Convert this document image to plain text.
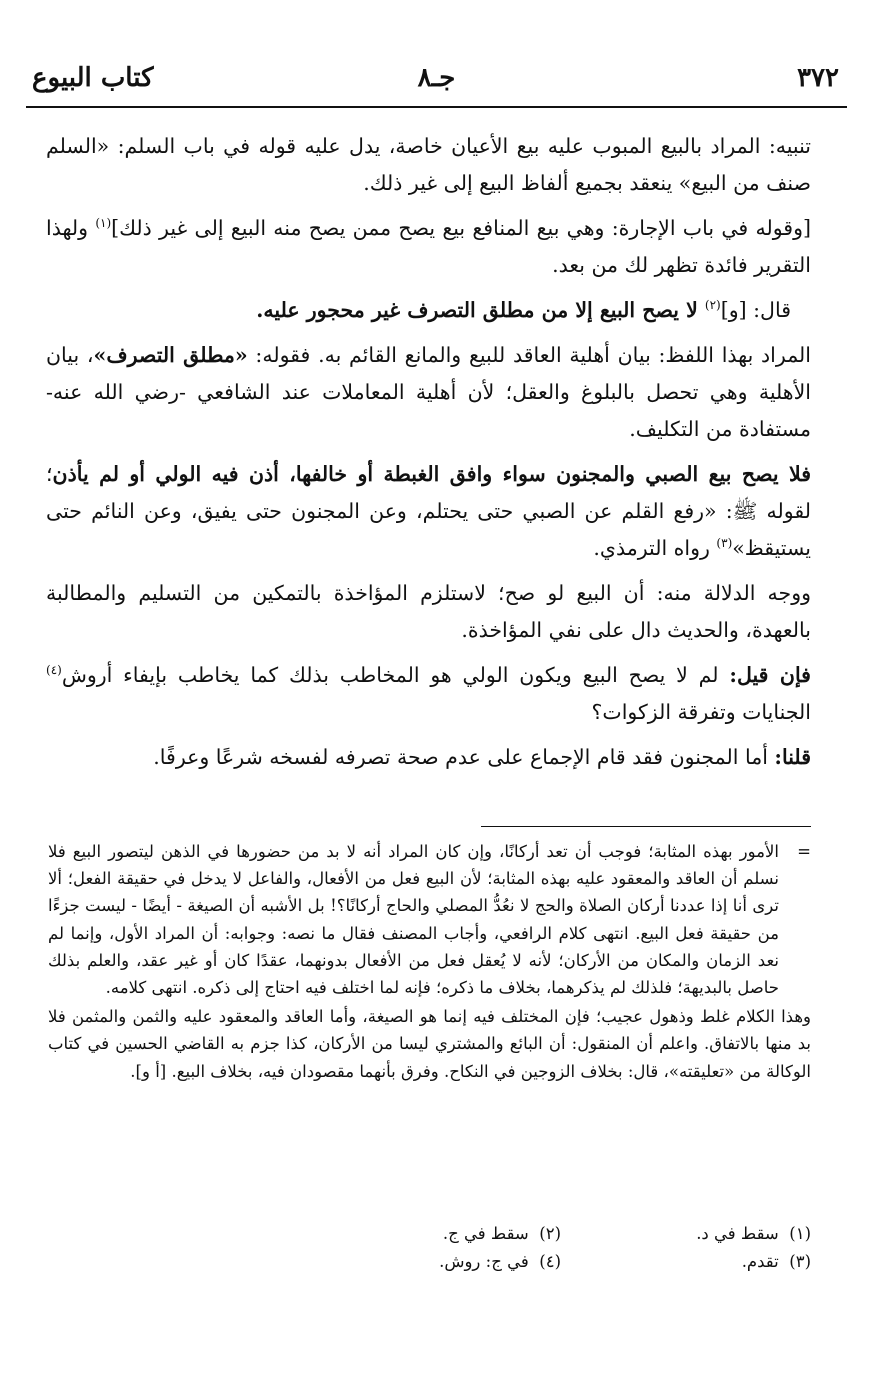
٣٧٢
جـ٨
كتاب البيوع

تنبيه: المراد بالبيع المبوب عليه بيع الأعيان خاصة، يدل عليه قوله في باب السلم: «السلم صنف من البيع» ينعقد بجميع ألفاظ البيع إلى غير ذلك.

[وقوله في باب الإجارة: وهي بيع المنافع بيع يصح ممن يصح منه البيع إلى غير ذلك]$^{(١)}$ ولهذا التقرير فائدة تظهر لك من بعد.

قال: [و]$^{(٢)}$ لا يصح البيع إلا من مطلق التصرف غير محجور عليه.

المراد بهذا اللفظ: بيان أهلية العاقد للبيع والمانع القائم به. فقوله: «مطلق التصرف»، بيان الأهلية وهي تحصل بالبلوغ والعقل؛ لأن أهلية المعاملات عند الشافعي -رضي الله عنه- مستفادة من التكليف.

فلا يصح بيع الصبي والمجنون سواء وافق الغبطة أو خالفها، أذن فيه الولي أو لم يأذن؛ لقوله ﷺ: «رفع القلم عن الصبي حتى يحتلم، وعن المجنون حتى يفيق، وعن النائم حتى يستيقظ»$^{(٣)}$ رواه الترمذي.

ووجه الدلالة منه: أن البيع لو صح؛ لاستلزم المؤاخذة بالتمكين من التسليم والمطالبة بالعهدة، والحديث دال على نفي المؤاخذة.

فإن قيل: لم لا يصح البيع ويكون الولي هو المخاطب بذلك كما يخاطب بإيفاء أروش$^{(٤)}$ الجنايات وتفرقة الزكوات؟

قلنا: أما المجنون فقد قام الإجماع على عدم صحة تصرفه لفسخه شرعًا وعرفًا.

=
الأمور بهذه المثابة؛ فوجب أن تعد أركانًا، وإن كان المراد أنه لا بد من حضورها في الذهن ليتصور البيع فلا نسلم أن العاقد والمعقود عليه بهذه المثابة؛ لأن البيع فعل من الأفعال، والفاعل لا يدخل في حقيقة الفعل؛ ألا ترى أنا إذا عددنا أركان الصلاة والحج لا نعُدُّ المصلي والحاج أركانًا؟! بل الأشبه أن الصيغة - أيضًا - ليست جزءًا من حقيقة فعل البيع. انتهى كلام الرافعي، وأجاب المصنف فقال ما نصه: وجوابه: أن المراد الأول، وإنما لم نعد الزمان والمكان من الأركان؛ لأنه لا يُعقل فعل من الأفعال بدونهما، عقدًا كان أو غير عقد، والعلم بذلك حاصل بالبديهة؛ فلذلك لم يذكرهما، بخلاف ما ذكره؛ فإنه لما اختلف فيه احتاج إلى ذكره. انتهى كلامه.

وهذا الكلام غلط وذهول عجيب؛ فإن المختلف فيه إنما هو الصيغة، وأما العاقد والمعقود عليه والثمن والمثمن فلا بد منها بالاتفاق. واعلم أن المنقول: أن البائع والمشتري ليسا من الأركان، كذا جزم به القاضي الحسين في كتاب الوكالة من «تعليقته»، قال: بخلاف الزوجين في النكاح. وفرق بأنهما مقصودان فيه، بخلاف البيع. [أ و].

(١)  سقط في د.
(٢)  سقط في ج.
(٣)  تقدم.
(٤)  في ج: روش.
